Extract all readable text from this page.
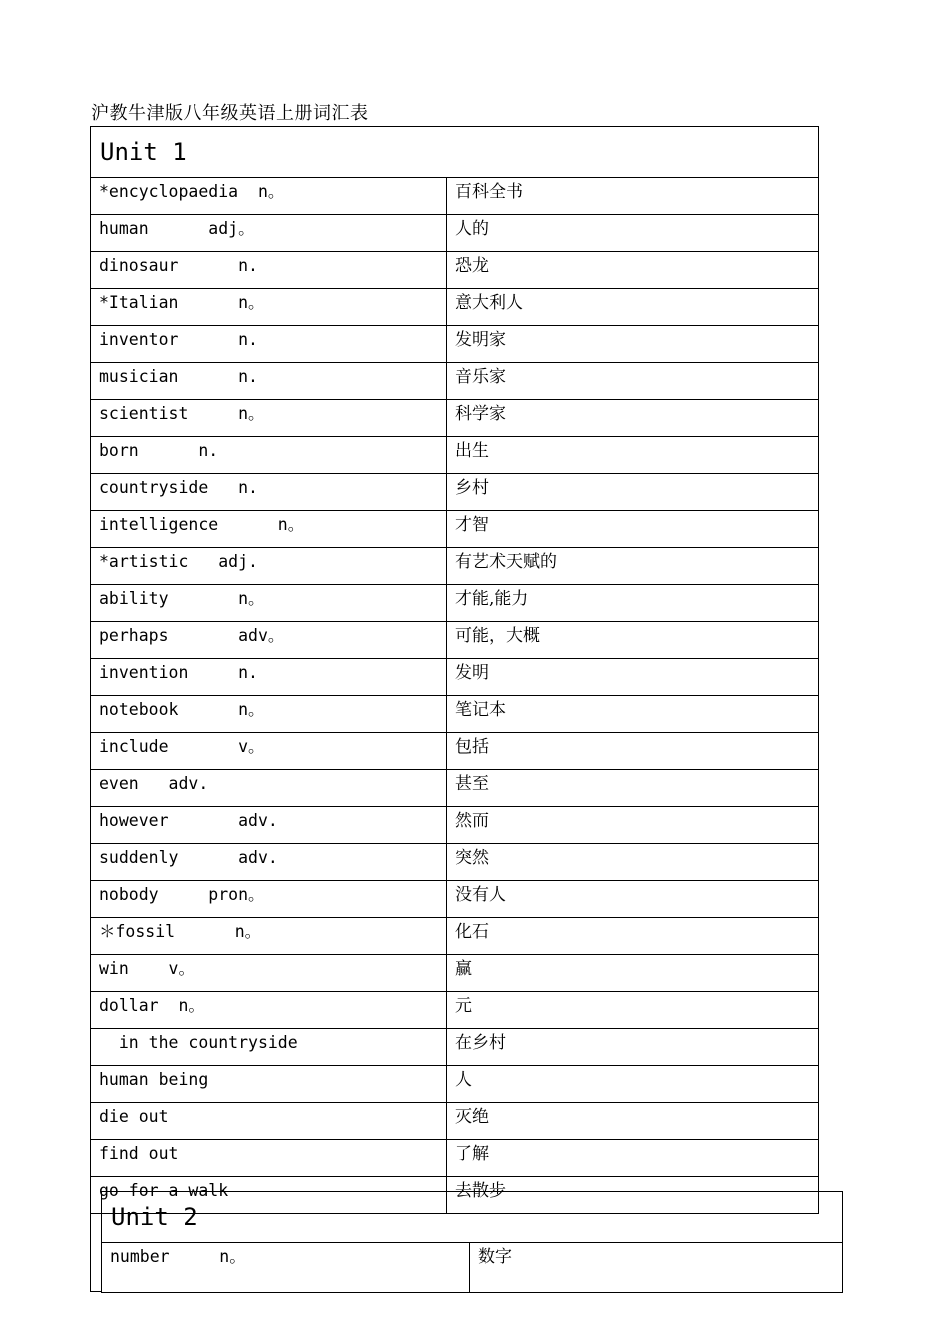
沪教牛津版八年级英语上册词汇表
Unit 1	
*encyclopaedia  n。	百科全书
human      adj。	人的
dinosaur      n.	恐龙
*Italian      n。	意大利人
inventor      n.	发明家
musician      n.	音乐家
scientist     n。	科学家
born      n.	出生
countryside   n.	乡村
intelligence      n。	才智
*artistic   adj.	有艺术天赋的
ability       n。	才能,能力
perhaps       adv。	可能，大概
invention     n.	发明
notebook      n。	笔记本
include       v。	包括
even   adv.	甚至
however       adv.	然而
suddenly      adv.	突然
nobody     pron。	没有人
＊fossil      n。	化石
win    v。	赢
dollar  n。	元
in the countryside	在乡村
human being	人
die out	灭绝
find out	了解
go for a walk	去散步
Unit 2
number     n。	数字
